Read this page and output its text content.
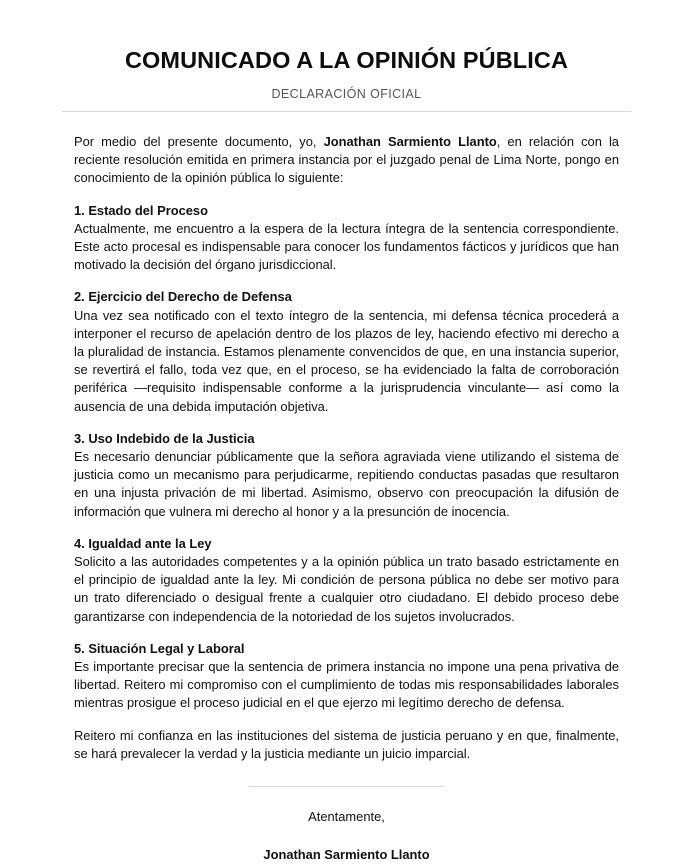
COMUNICADO A LA OPINIÓN PÚBLICA
DECLARACIÓN OFICIAL

Por medio del presente documento, yo, Jonathan Sarmiento Llanto, en relación con la reciente resolución emitida en primera instancia por el juzgado penal de Lima Norte, pongo en conocimiento de la opinión pública lo siguiente:

1. Estado del Proceso

Actualmente, me encuentro a la espera de la lectura íntegra de la sentencia correspondiente. Este acto procesal es indispensable para conocer los fundamentos fácticos y jurídicos que han motivado la decisión del órgano jurisdiccional.

2. Ejercicio del Derecho de Defensa

Una vez sea notificado con el texto íntegro de la sentencia, mi defensa técnica procederá a interponer el recurso de apelación dentro de los plazos de ley, haciendo efectivo mi derecho a la pluralidad de instancia. Estamos plenamente convencidos de que, en una instancia superior, se revertirá el fallo, toda vez que, en el proceso, se ha evidenciado la falta de corroboración periférica —requisito indispensable conforme a la jurisprudencia vinculante— así como la ausencia de una debida imputación objetiva.

3. Uso Indebido de la Justicia

Es necesario denunciar públicamente que la señora agraviada viene utilizando el sistema de justicia como un mecanismo para perjudicarme, repitiendo conductas pasadas que resultaron en una injusta privación de mi libertad. Asimismo, observo con preocupación la difusión de información que vulnera mi derecho al honor y a la presunción de inocencia.

4. Igualdad ante la Ley

Solicito a las autoridades competentes y a la opinión pública un trato basado estrictamente en el principio de igualdad ante la ley. Mi condición de persona pública no debe ser motivo para un trato diferenciado o desigual frente a cualquier otro ciudadano. El debido proceso debe garantizarse con independencia de la notoriedad de los sujetos involucrados.

5. Situación Legal y Laboral

Es importante precisar que la sentencia de primera instancia no impone una pena privativa de libertad. Reitero mi compromiso con el cumplimiento de todas mis responsabilidades laborales mientras prosigue el proceso judicial en el que ejerzo mi legítimo derecho de defensa.

Reitero mi confianza en las instituciones del sistema de justicia peruano y en que, finalmente, se hará prevalecer la verdad y la justicia mediante un juicio imparcial.

Atentamente,
Jonathan Sarmiento Llanto
